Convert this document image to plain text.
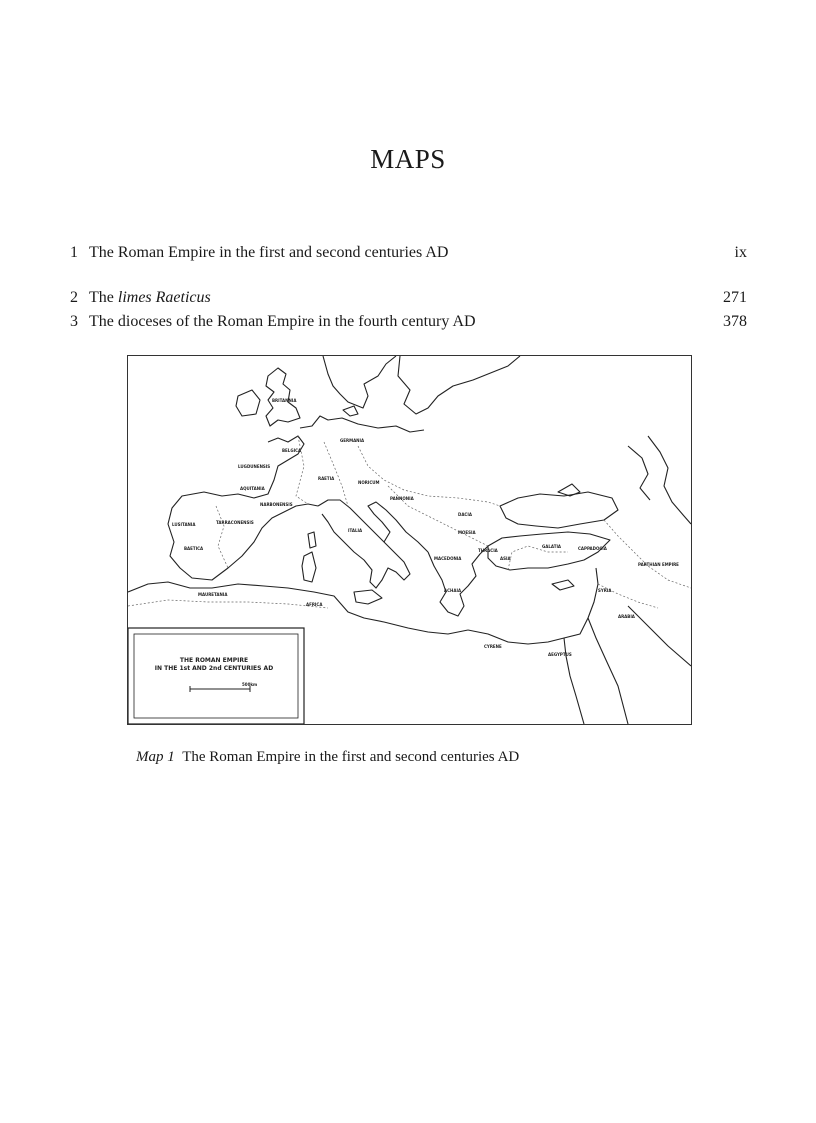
MAPS
1 The Roman Empire in the first and second centuries AD	ix
2 The limes Raeticus	271
3 The dioceses of the Roman Empire in the fourth century AD	378
BRITANNIA
GERMANIA
BELGICA
LUGDUNENSIS
AQUITANIA
NARBONENSIS
RAETIA
NORICUM
PANNONIA
DACIA
MOESIA
THRACIA
LUSITANIA
BAETICA
TARRACONENSIS
MAURETANIA
AFRICA
ITALIA
MACEDONIA
ACHAIA
ASIA
GALATIA	CAPPADOCIA
SYRIA
AEGYPTUS
CYRENE
PARTHIAN EMPIRE
ARABIA
THE ROMAN EMPIRE
IN THE 1st AND 2nd CENTURIES AD
500km
Map 1 The Roman Empire in the first and second centuries AD
